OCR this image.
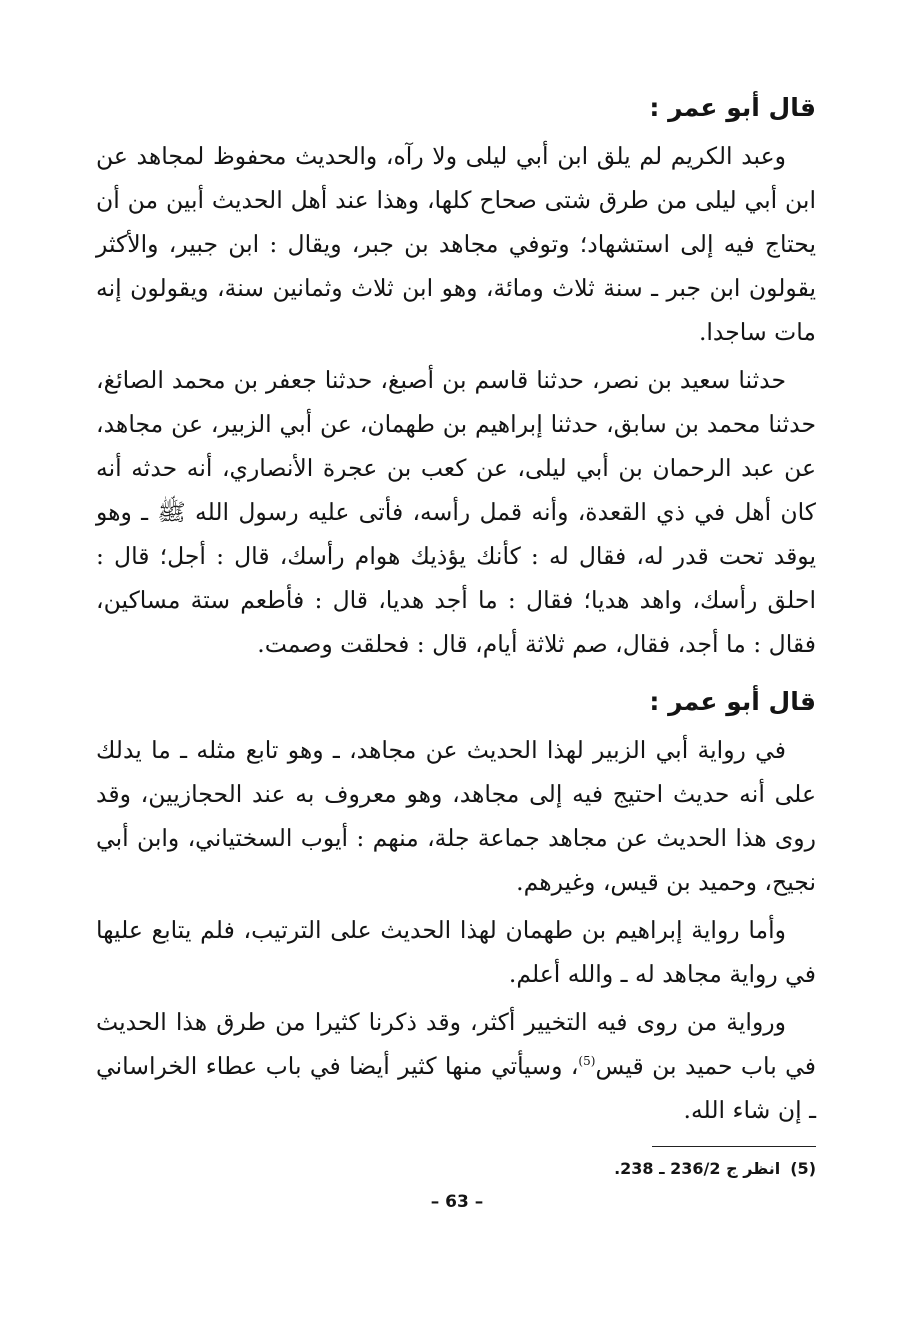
قال أبو عمر :

وعبد الكريم لم يلق ابن أبي ليلى ولا رآه، والحديث محفوظ لمجاهد عن ابن أبي ليلى من طرق شتى صحاح كلها، وهذا عند أهل الحديث أبين من أن يحتاج فيه إلى استشهاد؛ وتوفي مجاهد بن جبر، ويقال : ابن جبير، والأكثر يقولون ابن جبر ـ سنة ثلاث ومائة، وهو ابن ثلاث وثمانين سنة، ويقولون إنه مات ساجدا.

حدثنا سعيد بن نصر، حدثنا قاسم بن أصبغ، حدثنا جعفر بن محمد الصائغ، حدثنا محمد بن سابق، حدثنا إبراهيم بن طهمان، عن أبي الزبير، عن مجاهد، عن عبد الرحمان بن أبي ليلى، عن كعب بن عجرة الأنصاري، أنه حدثه أنه كان أهل في ذي القعدة، وأنه قمل رأسه، فأتى عليه رسول الله ﷺ ـ وهو يوقد تحت قدر له، فقال له : كأنك يؤذيك هوام رأسك، قال : أجل؛ قال : احلق رأسك، واهد هديا؛ فقال : ما أجد هديا، قال : فأطعم ستة مساكين، فقال : ما أجد، فقال، صم ثلاثة أيام، قال : فحلقت وصمت.

قال أبو عمر :

في رواية أبي الزبير لهذا الحديث عن مجاهد، ـ وهو تابع مثله ـ ما يدلك على أنه حديث احتيج فيه إلى مجاهد، وهو معروف به عند الحجازيين، وقد روى هذا الحديث عن مجاهد جماعة جلة، منهم : أيوب السختياني، وابن أبي نجيح، وحميد بن قيس، وغيرهم.

وأما رواية إبراهيم بن طهمان لهذا الحديث على الترتيب، فلم يتابع عليها في رواية مجاهد له ـ والله أعلم.

ورواية من روى فيه التخيير أكثر، وقد ذكرنا كثيرا من طرق هذا الحديث في باب حميد بن قيس$^{(5)}$، وسيأتي منها كثير أيضا في باب عطاء الخراساني ـ إن شاء الله.

(5)انظر ج 236/2 ـ 238.
– 63 –
